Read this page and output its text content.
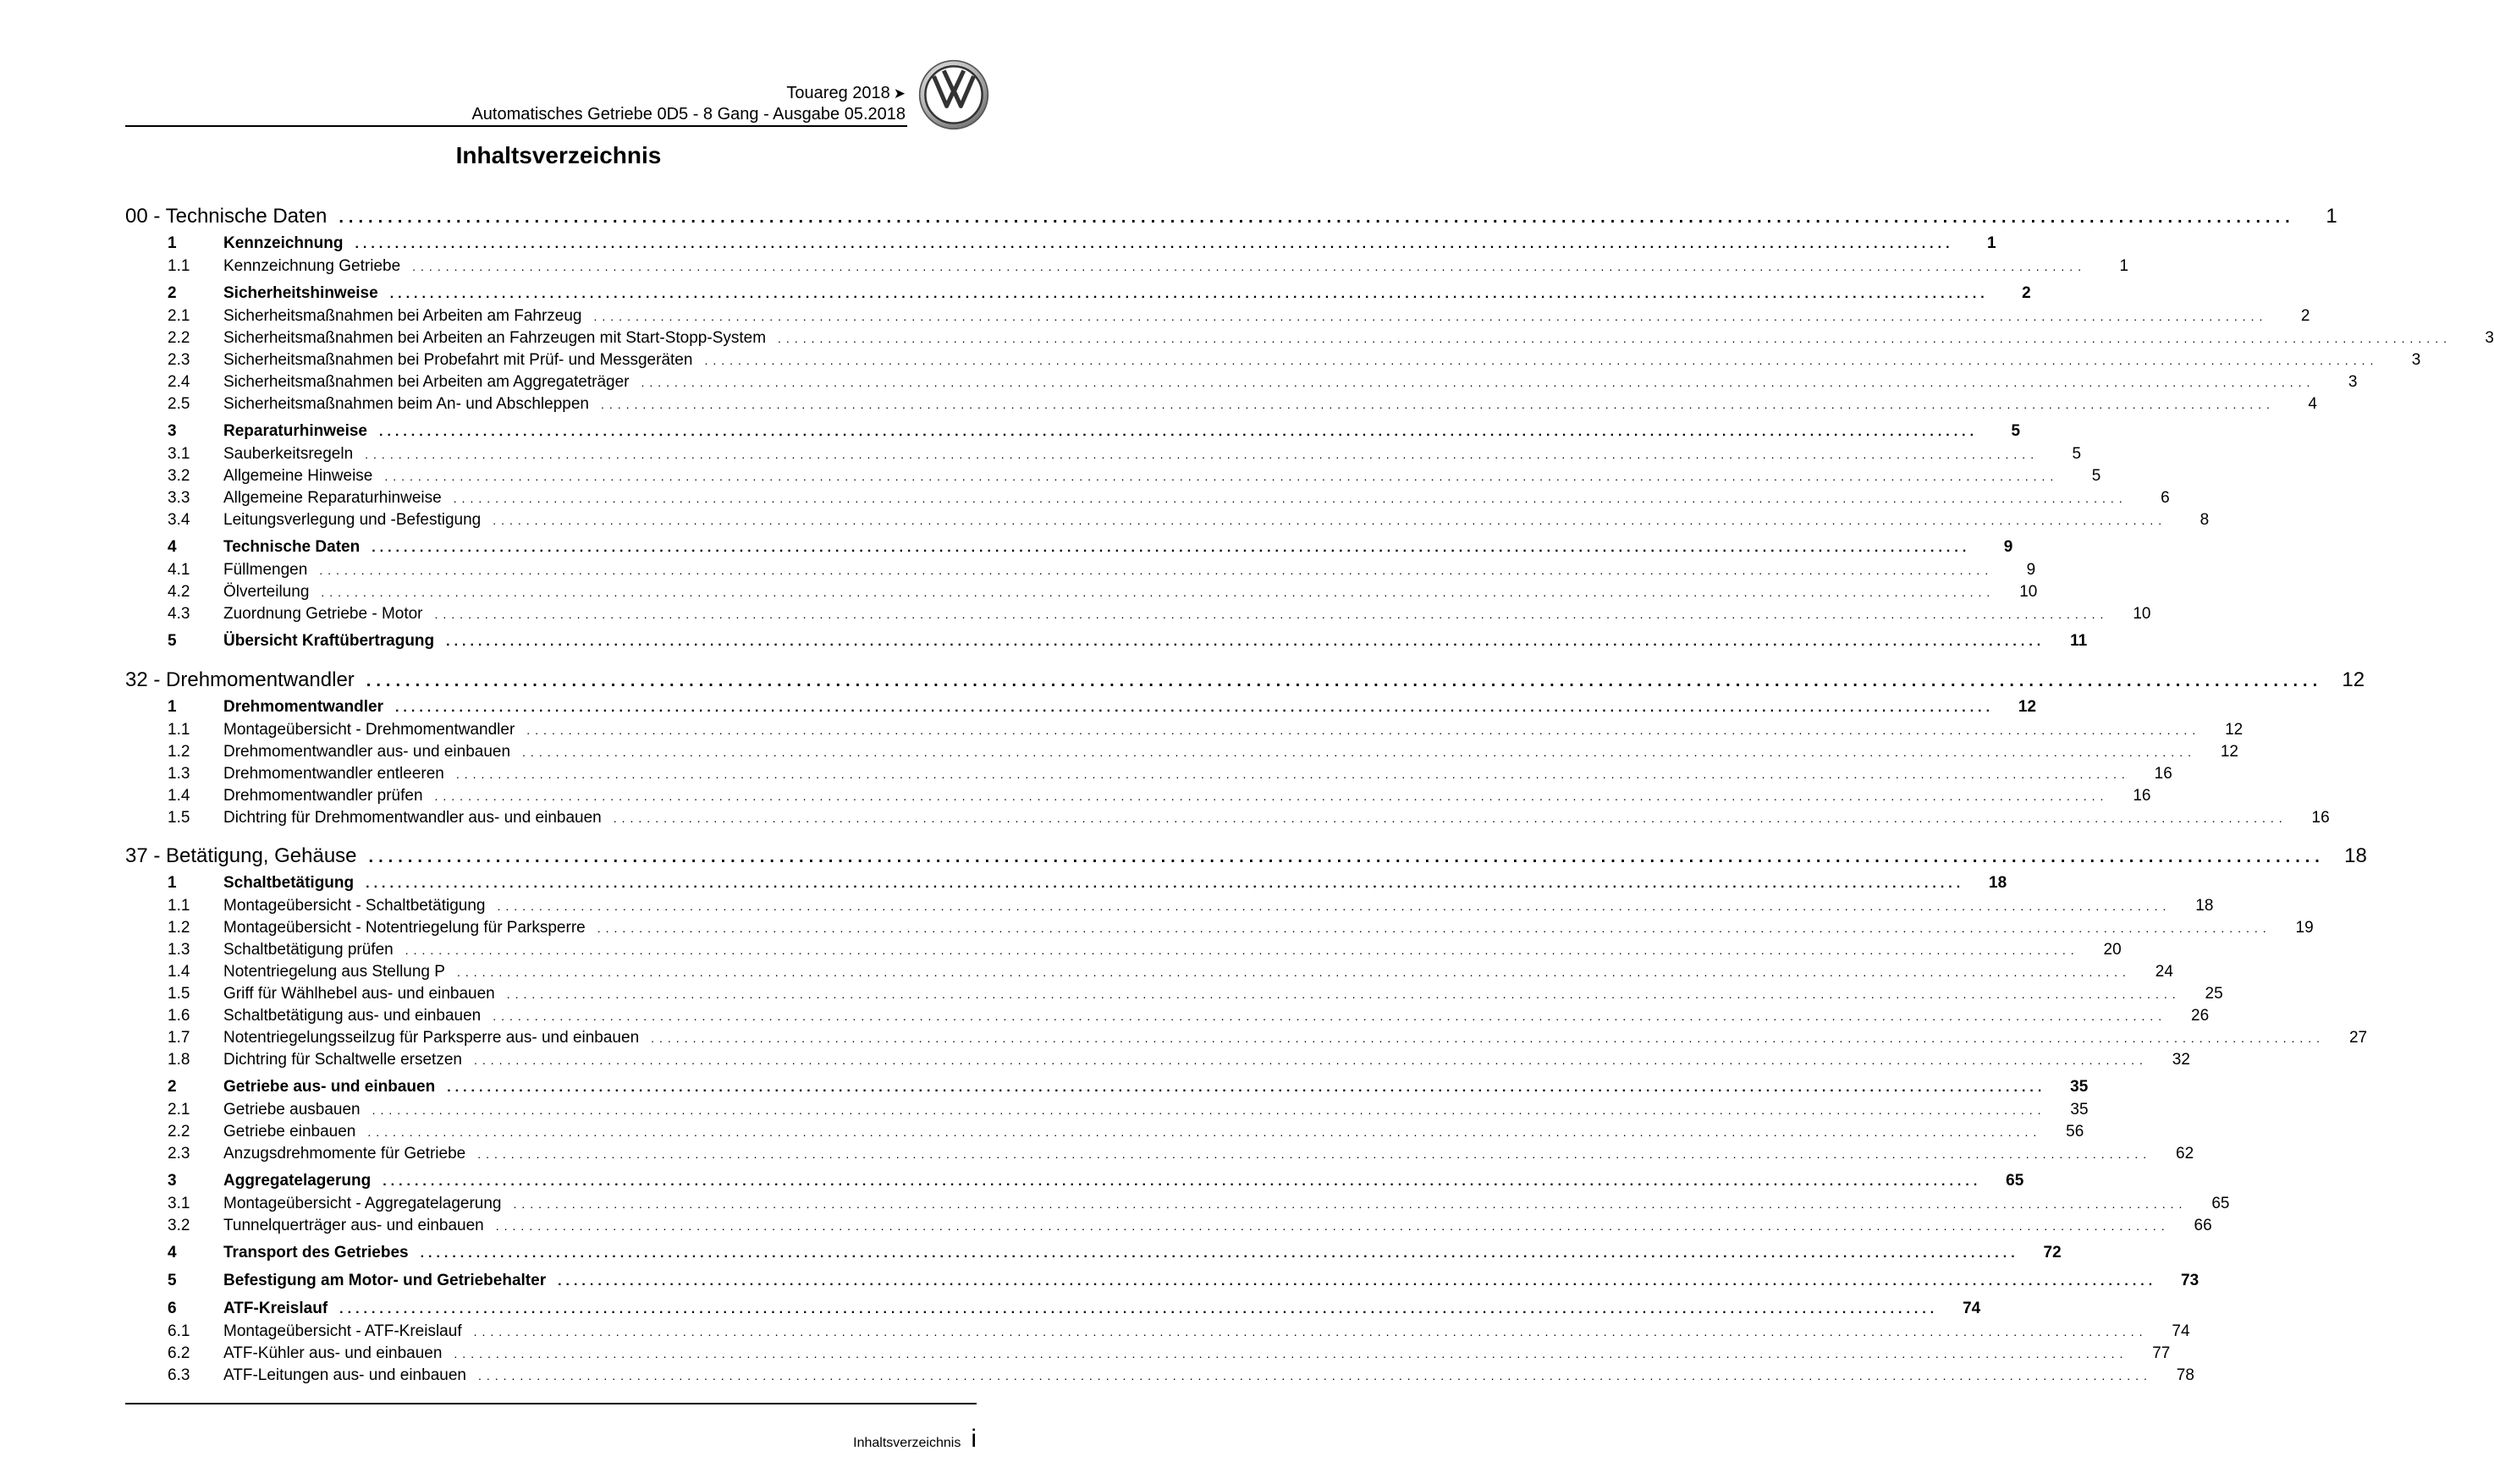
Touareg 2018 ➤
Automatisches Getriebe 0D5 - 8 Gang - Ausgabe 05.2018
Inhaltsverzeichnis
00 - Technische Daten ........................................................................................................................................................................................................	1
1	Kennzeichnung ........................................................................................................................................................................................................	1
1.1	Kennzeichnung Getriebe ........................................................................................................................................................................................................	1
2	Sicherheitshinweise ........................................................................................................................................................................................................	2
2.1	Sicherheitsmaßnahmen bei Arbeiten am Fahrzeug ........................................................................................................................................................................................................	2
2.2	Sicherheitsmaßnahmen bei Arbeiten an Fahrzeugen mit Start-Stopp-System ........................................................................................................................................................................................................	3
2.3	Sicherheitsmaßnahmen bei Probefahrt mit Prüf- und Messgeräten ........................................................................................................................................................................................................	3
2.4	Sicherheitsmaßnahmen bei Arbeiten am Aggregateträger ........................................................................................................................................................................................................	3
2.5	Sicherheitsmaßnahmen beim An- und Abschleppen ........................................................................................................................................................................................................	4
3	Reparaturhinweise ........................................................................................................................................................................................................	5
3.1	Sauberkeitsregeln ........................................................................................................................................................................................................	5
3.2	Allgemeine Hinweise ........................................................................................................................................................................................................	5
3.3	Allgemeine Reparaturhinweise ........................................................................................................................................................................................................	6
3.4	Leitungsverlegung und -Befestigung ........................................................................................................................................................................................................	8
4	Technische Daten ........................................................................................................................................................................................................	9
4.1	Füllmengen ........................................................................................................................................................................................................	9
4.2	Ölverteilung ........................................................................................................................................................................................................	10
4.3	Zuordnung Getriebe - Motor ........................................................................................................................................................................................................	10
5	Übersicht Kraftübertragung ........................................................................................................................................................................................................	11
32 - Drehmomentwandler ........................................................................................................................................................................................................ 12
1	Drehmomentwandler ........................................................................................................................................................................................................	12
1.1	Montageübersicht - Drehmomentwandler ........................................................................................................................................................................................................	12
1.2	Drehmomentwandler aus- und einbauen ........................................................................................................................................................................................................	12
1.3	Drehmomentwandler entleeren ........................................................................................................................................................................................................	16
1.4	Drehmomentwandler prüfen ........................................................................................................................................................................................................	16
1.5	Dichtring für Drehmomentwandler aus- und einbauen ........................................................................................................................................................................................................	16
37 - Betätigung, Gehäuse ........................................................................................................................................................................................................ 18
1	Schaltbetätigung ........................................................................................................................................................................................................	18
1.1	Montageübersicht - Schaltbetätigung ........................................................................................................................................................................................................	18
1.2	Montageübersicht - Notentriegelung für Parksperre ........................................................................................................................................................................................................	19
1.3	Schaltbetätigung prüfen ........................................................................................................................................................................................................	20
1.4	Notentriegelung aus Stellung P ........................................................................................................................................................................................................	24
1.5	Griff für Wählhebel aus- und einbauen ........................................................................................................................................................................................................	25
1.6	Schaltbetätigung aus- und einbauen ........................................................................................................................................................................................................	26
1.7	Notentriegelungsseilzug für Parksperre aus- und einbauen ........................................................................................................................................................................................................	27
1.8	Dichtring für Schaltwelle ersetzen ........................................................................................................................................................................................................	32
2	Getriebe aus- und einbauen ........................................................................................................................................................................................................	35
2.1	Getriebe ausbauen ........................................................................................................................................................................................................	35
2.2	Getriebe einbauen ........................................................................................................................................................................................................	56
2.3	Anzugsdrehmomente für Getriebe ........................................................................................................................................................................................................	62
3	Aggregatelagerung ........................................................................................................................................................................................................	65
3.1	Montageübersicht - Aggregatelagerung ........................................................................................................................................................................................................	65
3.2	Tunnelquerträger aus- und einbauen ........................................................................................................................................................................................................	66
4	Transport des Getriebes ........................................................................................................................................................................................................	72
5	Befestigung am Motor- und Getriebehalter ........................................................................................................................................................................................................	73
6	ATF-Kreislauf ........................................................................................................................................................................................................	74
6.1	Montageübersicht - ATF-Kreislauf ........................................................................................................................................................................................................	74
6.2	ATF-Kühler aus- und einbauen ........................................................................................................................................................................................................	77
6.3	ATF-Leitungen aus- und einbauen ........................................................................................................................................................................................................	78
Inhaltsverzeichnis i
